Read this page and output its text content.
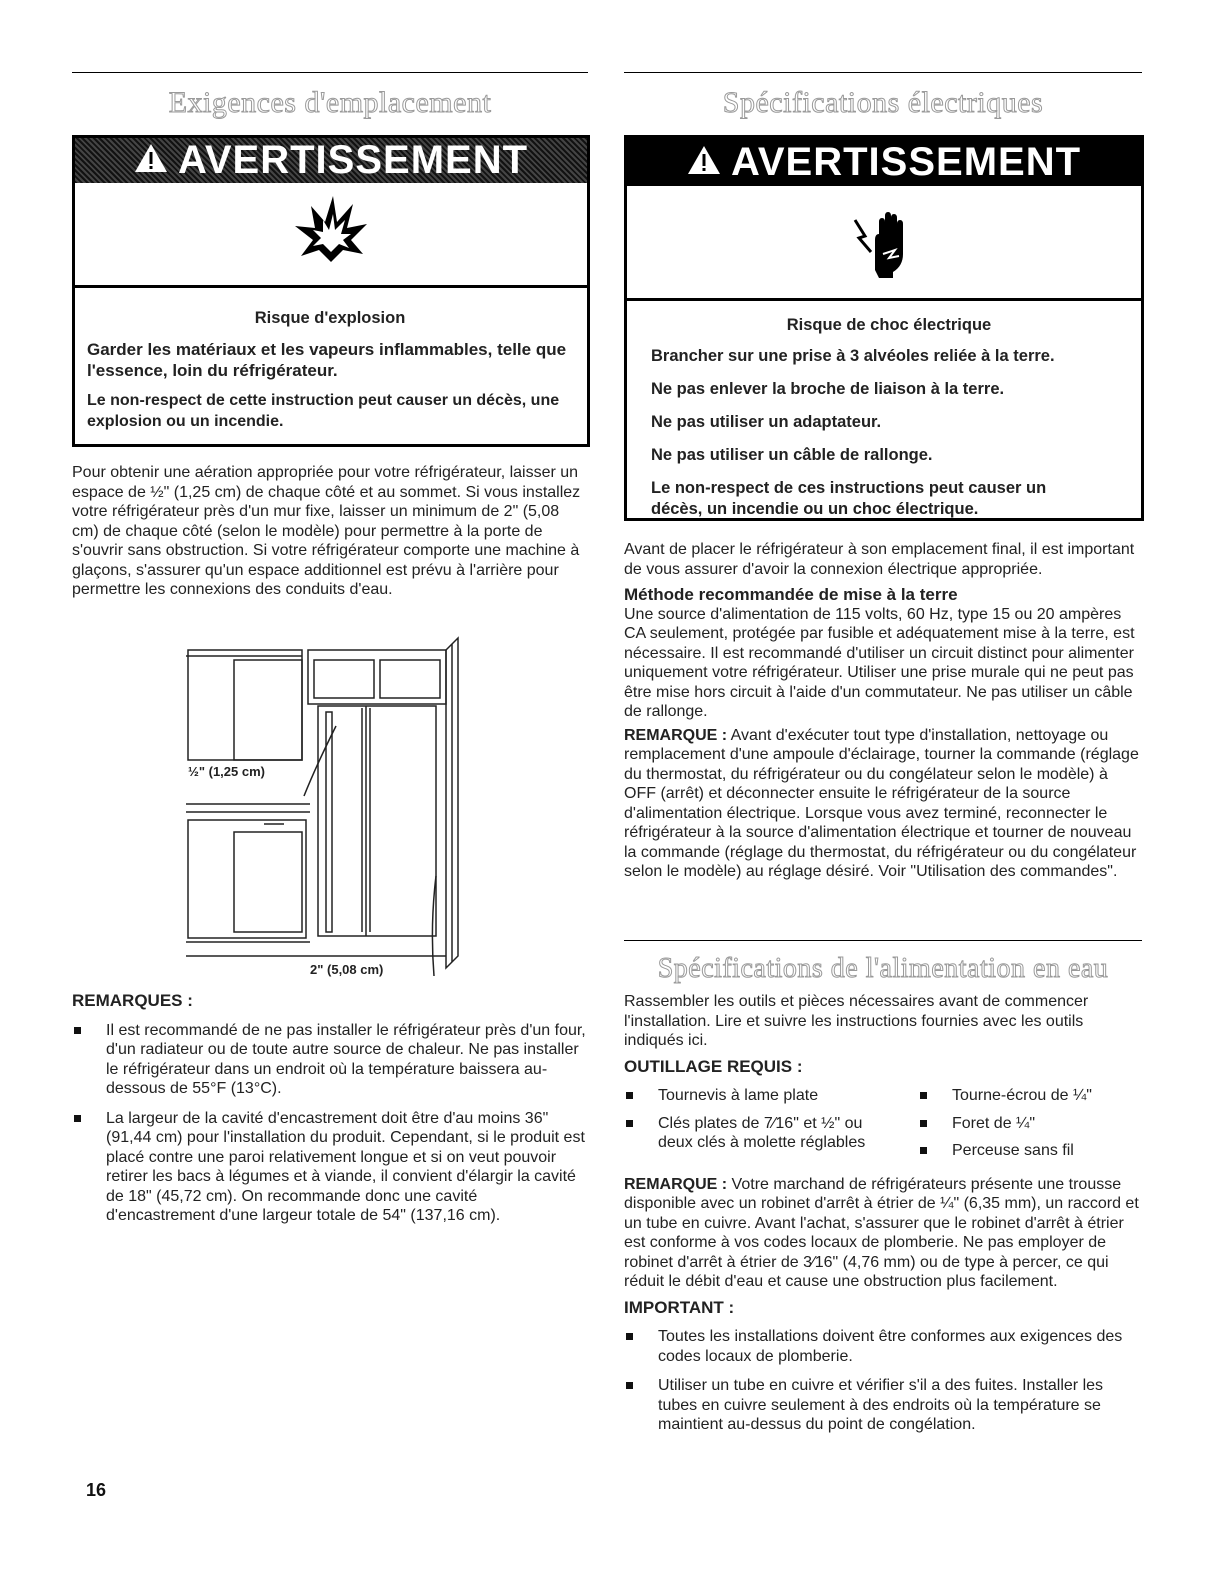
Exigences d'emplacement
AVERTISSEMENT
Risque d'explosion

Garder les matériaux et les vapeurs inflammables, telle que l'essence, loin du réfrigérateur.

Le non-respect de cette instruction peut causer un décès, une explosion ou un incendie.

Pour obtenir une aération appropriée pour votre réfrigérateur, laisser un espace de ½" (1,25 cm) de chaque côté et au sommet. Si vous installez votre réfrigérateur près d'un mur fixe, laisser un minimum de 2" (5,08 cm) de chaque côté (selon le modèle) pour permettre à la porte de s'ouvrir sans obstruction. Si votre réfrigérateur comporte une machine à glaçons, s'assurer qu'un espace additionnel est prévu à l'arrière pour permettre les connexions des conduits d'eau.

½" (1,25 cm)
2" (5,08 cm)
REMARQUES :
Il est recommandé de ne pas installer le réfrigérateur près d'un four, d'un radiateur ou de toute autre source de chaleur. Ne pas installer le réfrigérateur dans un endroit où la température baissera au-dessous de 55°F (13°C).
La largeur de la cavité d'encastrement doit être d'au moins 36" (91,44 cm) pour l'installation du produit. Cependant, si le produit est placé contre une paroi relativement longue et si on veut pouvoir retirer les bacs à légumes et à viande, il convient d'élargir la cavité de 18" (45,72 cm). On recommande donc une cavité d'encastrement d'une largeur totale de 54" (137,16 cm).
16
Spécifications électriques
AVERTISSEMENT
Risque de choc électrique

Brancher sur une prise à 3 alvéoles reliée à la terre.

Ne pas enlever la broche de liaison à la terre.

Ne pas utiliser un adaptateur.

Ne pas utiliser un câble de rallonge.

Le non-respect de ces instructions peut causer un décès, un incendie ou un choc électrique.

Avant de placer le réfrigérateur à son emplacement final, il est important de vous assurer d'avoir la connexion électrique appropriée.

Méthode recommandée de mise à la terre

Une source d'alimentation de 115 volts, 60 Hz, type 15 ou 20 ampères CA seulement, protégée par fusible et adéquatement mise à la terre, est nécessaire. Il est recommandé d'utiliser un circuit distinct pour alimenter uniquement votre réfrigérateur. Utiliser une prise murale qui ne peut pas être mise hors circuit à l'aide d'un commutateur. Ne pas utiliser un câble de rallonge.

REMARQUE : Avant d'exécuter tout type d'installation, nettoyage ou remplacement d'une ampoule d'éclairage, tourner la commande (réglage du thermostat, du réfrigérateur ou du congélateur selon le modèle) à OFF (arrêt) et déconnecter ensuite le réfrigérateur de la source d'alimentation électrique. Lorsque vous avez terminé, reconnecter le réfrigérateur à la source d'alimentation électrique et tourner de nouveau la commande (réglage du thermostat, du réfrigérateur ou du congélateur selon le modèle) au réglage désiré. Voir "Utilisation des commandes".

Spécifications de l'alimentation en eau

Rassembler les outils et pièces nécessaires avant de commencer l'installation. Lire et suivre les instructions fournies avec les outils indiqués ici.

OUTILLAGE REQUIS :
Tournevis à lame plate
Clés plates de 7⁄16" et ½" ou deux clés à molette réglables
Tourne-écrou de ¼"
Foret de ¼"
Perceuse sans fil

REMARQUE : Votre marchand de réfrigérateurs présente une trousse disponible avec un robinet d'arrêt à étrier de ¼" (6,35 mm), un raccord et un tube en cuivre. Avant l'achat, s'assurer que le robinet d'arrêt à étrier est conforme à vos codes locaux de plomberie. Ne pas employer de robinet d'arrêt à étrier de 3⁄16" (4,76 mm) ou de type à percer, ce qui réduit le débit d'eau et cause une obstruction plus facilement.

IMPORTANT :
Toutes les installations doivent être conformes aux exigences des codes locaux de plomberie.
Utiliser un tube en cuivre et vérifier s'il a des fuites. Installer les tubes en cuivre seulement à des endroits où la température se maintient au-dessus du point de congélation.
